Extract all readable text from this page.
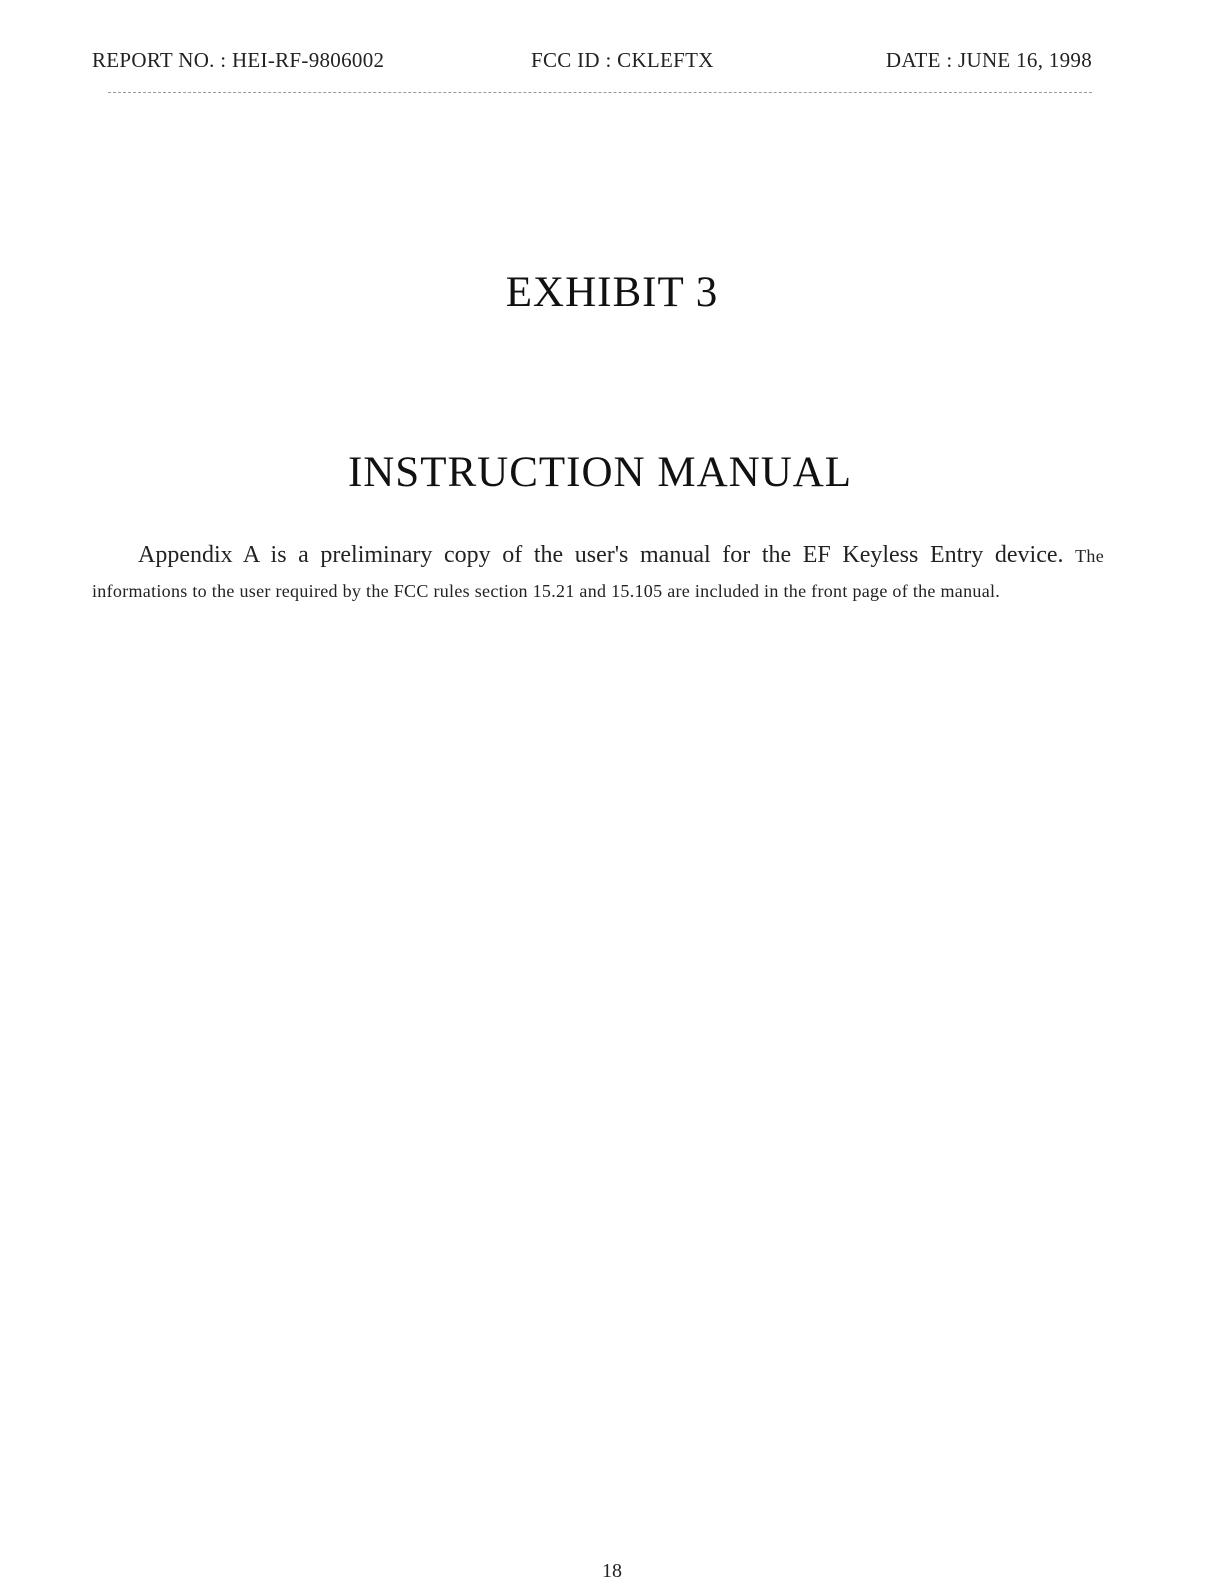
REPORT NO. : HEI-RF-9806002	FCC ID : CKLEFTX	DATE : JUNE 16, 1998
EXHIBIT 3
INSTRUCTION MANUAL
Appendix A is a preliminary copy of the user's manual for the EF Keyless Entry device. The informations to the user required by the FCC rules section 15.21 and 15.105 are included in the front page of the manual.
18
